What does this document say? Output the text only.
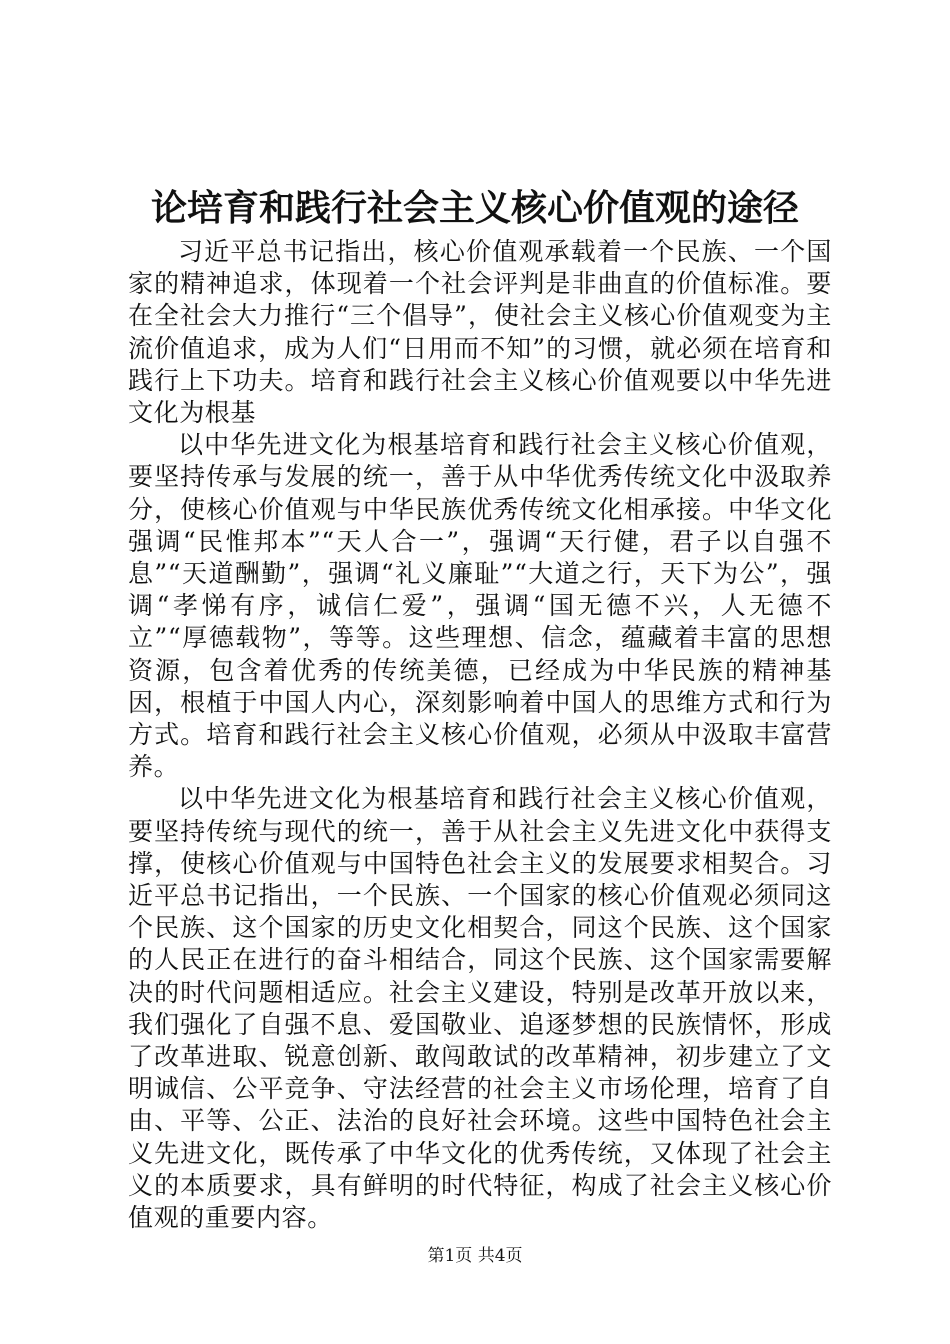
论培育和践行社会主义核心价值观的途径

习近平总书记指出，核心价值观承载着一个民族、一个国家的精神追求，体现着一个社会评判是非曲直的价值标准。要在全社会大力推行“三个倡导”，使社会主义核心价值观变为主流价值追求，成为人们“日用而不知”的习惯，就必须在培育和践行上下功夫。培育和践行社会主义核心价值观要以中华先进文化为根基

以中华先进文化为根基培育和践行社会主义核心价值观，要坚持传承与发展的统一，善于从中华优秀传统文化中汲取养分，使核心价值观与中华民族优秀传统文化相承接。中华文化强调“民惟邦本”“天人合一”，强调“天行健，君子以自强不息”“天道酬勤”，强调“礼义廉耻”“大道之行，天下为公”，强调“孝悌有序，诚信仁爱”，强调“国无德不兴，人无德不立”“厚德载物”，等等。这些理想、信念，蕴藏着丰富的思想资源，包含着优秀的传统美德，已经成为中华民族的精神基因，根植于中国人内心，深刻影响着中国人的思维方式和行为方式。培育和践行社会主义核心价值观，必须从中汲取丰富营养。

以中华先进文化为根基培育和践行社会主义核心价值观，要坚持传统与现代的统一，善于从社会主义先进文化中获得支撑，使核心价值观与中国特色社会主义的发展要求相契合。习近平总书记指出，一个民族、一个国家的核心价值观必须同这个民族、这个国家的历史文化相契合，同这个民族、这个国家的人民正在进行的奋斗相结合，同这个民族、这个国家需要解决的时代问题相适应。社会主义建设，特别是改革开放以来，我们强化了自强不息、爱国敬业、追逐梦想的民族情怀，形成了改革进取、锐意创新、敢闯敢试的改革精神，初步建立了文明诚信、公平竞争、守法经营的社会主义市场伦理，培育了自由、平等、公正、法治的良好社会环境。这些中国特色社会主义先进文化，既传承了中华文化的优秀传统，又体现了社会主义的本质要求，具有鲜明的时代特征，构成了社会主义核心价值观的重要内容。

第1页 共4页
